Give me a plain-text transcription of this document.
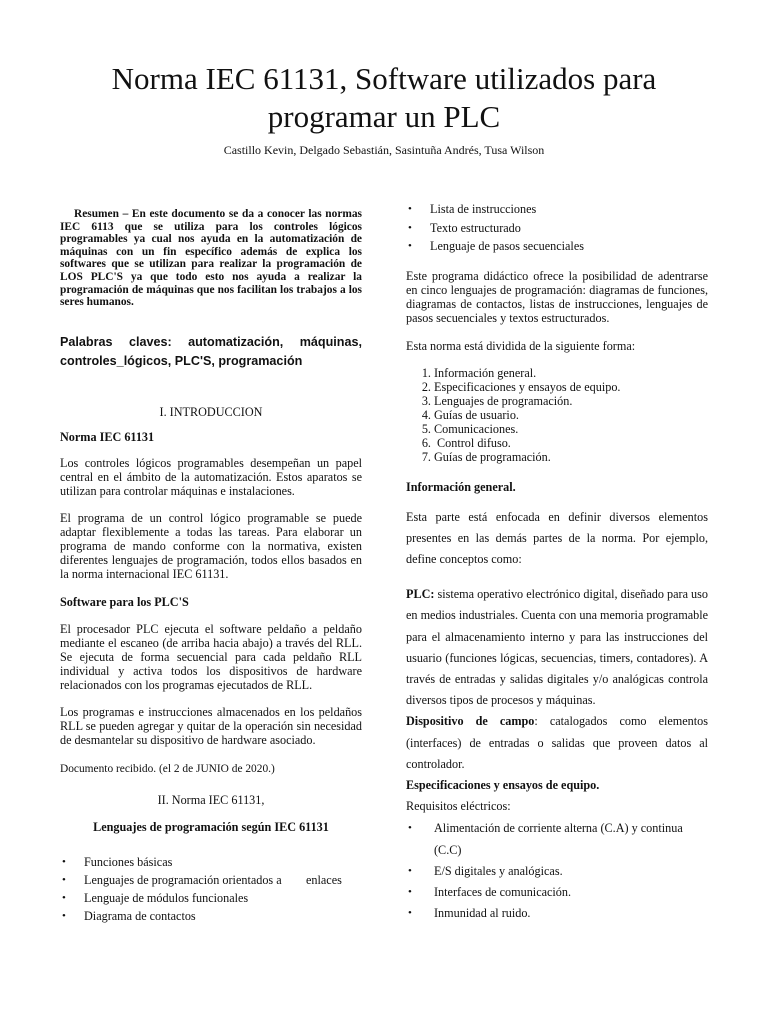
Norma IEC 61131, Software utilizados para programar un PLC
Castillo Kevin, Delgado Sebastián, Sasintuña Andrés, Tusa Wilson

Resumen – En este documento se da a conocer las normas IEC 6113 que se utiliza para los controles lógicos programables ya cual nos ayuda en la automatización de máquinas con un fin específico además de explica los softwares que se utilizan para realizar la programación de LOS PLC'S ya que todo esto nos ayuda a realizar la programación de máquinas que nos facilitan los trabajos a los seres humanos.

Palabras claves: automatización, máquinas, controles_lógicos, PLC'S, programación

I. INTRODUCCION

Norma IEC 61131

Los controles lógicos programables desempeñan un papel central en el ámbito de la automatización. Estos aparatos se utilizan para controlar máquinas e instalaciones.

El programa de un control lógico programable se puede adaptar flexiblemente a todas las tareas. Para elaborar un programa de mando conforme con la normativa, existen diferentes lenguajes de programación, todos ellos basados en la norma internacional IEC 61131.

Software para los PLC'S

El procesador PLC ejecuta el software peldaño a peldaño mediante el escaneo (de arriba hacia abajo) a través del RLL. Se ejecuta de forma secuencial para cada peldaño RLL individual y activa todos los dispositivos de hardware relacionados con los programas ejecutados de RLL.

Los programas e instrucciones almacenados en los peldaños RLL se pueden agregar y quitar de la operación sin necesidad de desmantelar su dispositivo de hardware asociado.

Documento recibido. (el 2 de JUNIO de 2020.)

II. Norma IEC 61131,

Lenguajes de programación según IEC 61131

• Funciones básicas
• Lenguajes de programación orientados a        enlaces
• Lenguaje de módulos funcionales
• Diagrama de contactos
• Lista de instrucciones
• Texto estructurado
• Lenguaje de pasos secuenciales

Este programa didáctico ofrece la posibilidad de adentrarse en cinco lenguajes de programación: diagramas de funciones, diagramas de contactos, listas de instrucciones, lenguajes de pasos secuenciales y textos estructurados.

Esta norma está dividida de la siguiente forma:

1. Información general.
2. Especificaciones y ensayos de equipo.
3. Lenguajes de programación.
4. Guías de usuario.
5. Comunicaciones.
6.  Control difuso.
7. Guías de programación.

Información general.

Esta parte está enfocada en definir diversos elementos presentes en las demás partes de la norma. Por ejemplo, define conceptos como:

PLC: sistema operativo electrónico digital, diseñado para uso en medios industriales. Cuenta con una memoria programable para el almacenamiento interno y para las instrucciones del usuario (funciones lógicas, secuencias, timers, contadores). A través de entradas y salidas digitales y/o analógicas controla diversos tipos de procesos y máquinas.

Dispositivo de campo: catalogados como elementos (interfaces) de entradas o salidas que proveen datos al controlador.

Especificaciones y ensayos de equipo.

Requisitos eléctricos:

• Alimentación de corriente alterna (C.A) y continua (C.C)
• E/S digitales y analógicas.
• Interfaces de comunicación.
• Inmunidad al ruido.
